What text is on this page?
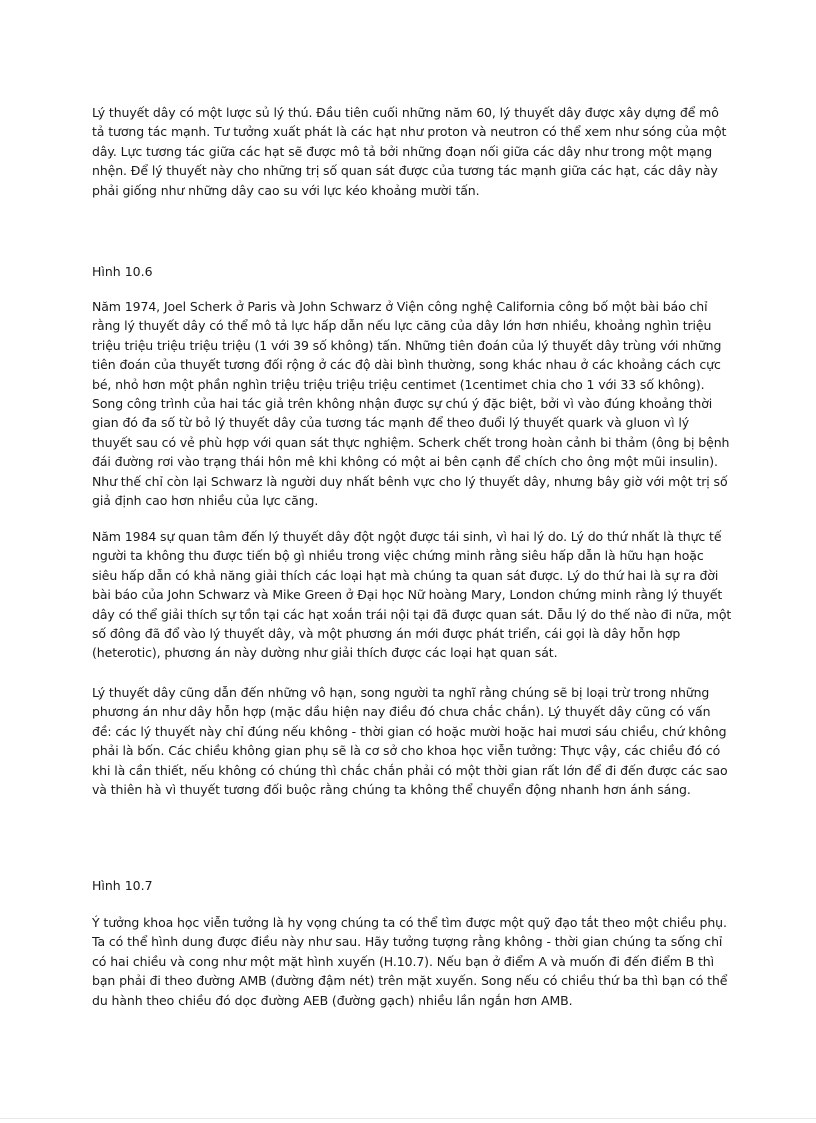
Lý thuyết dây có một lược sủ lý thú. Đầu tiên cuối những năm 60, lý thuyết dây được xây dựng để mô tả tương tác mạnh. Tư tưởng xuất phát là các hạt như proton và neutron có thể xem như sóng của một dây. Lực tương tác giữa các hạt sẽ được mô tả bởi những đoạn nối giữa các dây như trong một mạng nhện. Để lý thuyết này cho những trị số quan sát được của tương tác mạnh giữa các hạt, các dây này phải giống như những dây cao su với lực kéo khoảng mười tấn.

Hình 10.6

Năm 1974, Joel Scherk ở Paris và John Schwarz ở Viện công nghệ California công bố một bài báo chỉ rằng lý thuyết dây có thể mô tả lực hấp dẫn nếu lực căng của dây lớn hơn nhiều, khoảng nghìn triệu triệu triệu triệu triệu triệu (1 với 39 số không) tấn. Những tiên đoán của lý thuyết dây trùng với những tiên đoán của thuyết tương đối rộng ở các độ dài bình thường, song khác nhau ở các khoảng cách cực bé, nhỏ hơn một phần nghìn triệu triệu triệu triệu centimet (1centimet chia cho 1 với 33 số không). Song công trình của hai tác giả trên không nhận được sự chú ý đặc biệt, bởi vì vào đúng khoảng thời gian đó đa số từ bỏ lý thuyết dây của tương tác mạnh để theo đuổi lý thuyết quark và gluon vì lý thuyết sau có vẻ phù hợp với quan sát thực nghiệm. Scherk chết trong hoàn cảnh bi thảm (ông bị bệnh đái đường rơi vào trạng thái hôn mê khi không có một ai bên cạnh để chích cho ông một mũi insulin). Như thế chỉ còn lại Schwarz là người duy nhất bênh vực cho lý thuyết dây, nhưng bây giờ với một trị số giả định cao hơn nhiều của lực căng.

Năm 1984 sự quan tâm đến lý thuyết dây đột ngột được tái sinh, vì hai lý do. Lý do thứ nhất là thực tế người ta không thu được tiến bộ gì nhiều trong việc chứng minh rằng siêu hấp dẫn là hữu hạn hoặc siêu hấp dẫn có khả năng giải thích các loại hạt mà chúng ta quan sát được. Lý do thứ hai là sự ra đời bài báo của John Schwarz và Mike Green ở Đại học Nữ hoàng Mary, London chứng minh rằng lý thuyết dây có thể giải thích sự tồn tại các hạt xoắn trái nội tại đã được quan sát. Dẫu lý do thế nào đi nữa, một số đông đã đổ vào lý thuyết dây, và một phương án mới được phát triển, cái gọi là dây hỗn hợp (heterotic), phương án này dường như giải thích được các loại hạt quan sát.

Lý thuyết dây cũng dẫn đến những vô hạn, song người ta nghĩ rằng chúng sẽ bị loại trừ trong những phương án như dây hỗn hợp (mặc dầu hiện nay điều đó chưa chắc chắn). Lý thuyết dây cũng có vấn đề: các lý thuyết này chỉ đúng nếu không - thời gian có hoặc mười hoặc hai mươi sáu chiều, chứ không phải là bốn. Các chiều không gian phụ sẽ là cơ sở cho khoa học viễn tưởng: Thực vậy, các chiều đó có khi là cần thiết, nếu không có chúng thì chắc chắn phải có một thời gian rất lớn để đi đến được các sao và thiên hà vì thuyết tương đối buộc rằng chúng ta không thể chuyển động nhanh hơn ánh sáng.

Hình 10.7

Ý tưởng khoa học viễn tưởng là hy vọng chúng ta có thể tìm được một quỹ đạo tắt theo một chiều phụ. Ta có thể hình dung được điều này như sau. Hãy tưởng tượng rằng không - thời gian chúng ta sống chỉ có hai chiều và cong như một mặt hình xuyến (H.10.7). Nếu bạn ở điểm A và muốn đi đến điểm B thì bạn phải đi theo đường AMB (đường đậm nét) trên mặt xuyến. Song nếu có chiều thứ ba thì bạn có thể du hành theo chiều đó dọc đường AEB (đường gạch) nhiều lần ngắn hơn AMB.
